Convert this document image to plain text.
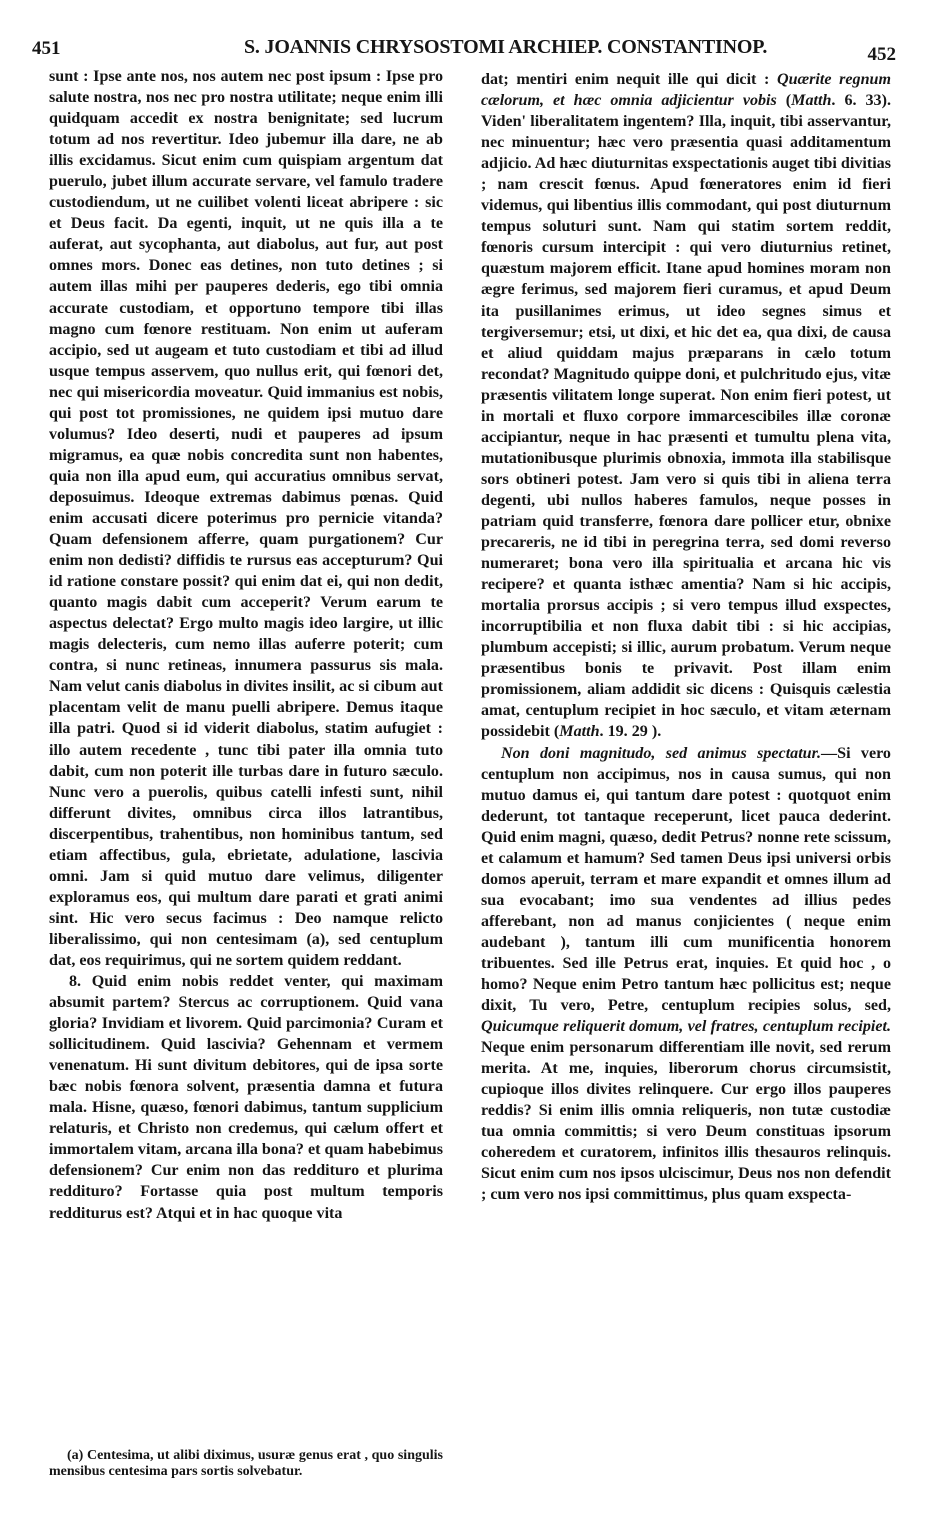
451	S. JOANNIS CHRYSOSTOMI ARCHIEP. CONSTANTINOP.	452

sunt : Ipse ante nos, nos autem nec post ipsum : Ipse pro salute nostra, nos nec pro nostra utilitate; neque enim illi quidquam accedit ex nostra benignitate; sed lucrum totum ad nos revertitur. Ideo jubemur illa dare, ne ab illis excidamus. Sicut enim cum quispiam argentum dat puerulo, jubet illum accurate servare, vel famulo tradere custodiendum, ut ne cuilibet volenti liceat abripere : sic et Deus facit. Da egenti, inquit, ut ne quis illa a te auferat, aut sycophanta, aut diabolus, aut fur, aut post omnes mors. Donec eas detines, non tuto detines ; si autem illas mihi per pauperes dederis, ego tibi omnia accurate custodiam, et opportuno tempore tibi illas magno cum fœnore restituam. Non enim ut auferam accipio, sed ut augeam et tuto custodiam et tibi ad illud usque tempus asservem, quo nullus erit, qui fœnori det, nec qui misericordia moveatur. Quid immanius est nobis, qui post tot promissiones, ne quidem ipsi mutuo dare volumus? Ideo deserti, nudi et pauperes ad ipsum migramus, ea quæ nobis concredita sunt non habentes, quia non illa apud eum, qui accuratius omnibus servat, deposuimus. Ideoque extremas dabimus pœnas. Quid enim accusati dicere poterimus pro pernicie vitanda? Quam defensionem afferre, quam purgationem? Cur enim non dedisti? diffidis te rursus eas accepturum? Qui id ratione constare possit? qui enim dat ei, qui non dedit, quanto magis dabit cum acceperit? Verum earum te aspectus delectat? Ergo multo magis ideo largire, ut illic magis delecteris, cum nemo illas auferre poterit; cum contra, si nunc retineas, innumera passurus sis mala. Nam velut canis diabolus in divites insilit, ac si cibum aut placentam velit de manu puelli abripere. Demus itaque illa patri. Quod si id viderit diabolus, statim aufugiet : illo autem recedente , tunc tibi pater illa omnia tuto dabit, cum non poterit ille turbas dare in futuro sæculo. Nunc vero a puerolis, quibus catelli infesti sunt, nihil differunt divites, omnibus circa illos latrantibus, discerpentibus, trahentibus, non hominibus tantum, sed etiam affectibus, gula, ebrietate, adulatione, lascivia omni. Jam si quid mutuo dare velimus, diligenter exploramus eos, qui multum dare parati et grati animi sint. Hic vero secus facimus : Deo namque relicto liberalissimo, qui non centesimam (a), sed centuplum dat, eos requirimus, qui ne sortem quidem reddant.

8. Quid enim nobis reddet venter, qui maximam absumit partem? Stercus ac corruptionem. Quid vana gloria? Invidiam et livorem. Quid parcimonia? Curam et sollicitudinem. Quid lascivia? Gehennam et vermem venenatum. Hi sunt divitum debitores, qui de ipsa sorte bæc nobis fœnora solvent, præsentia damna et futura mala. Hisne, quæso, fœnori dabimus, tantum supplicium relaturis, et Christo non credemus, qui cælum offert et immortalem vitam, arcana illa bona? et quam habebimus defensionem? Cur enim non das redditurо et plurima reddituro? Fortasse quia post multum temporis redditurus est? Atqui et in hac quoque vita

(a) Centesima, ut alibi diximus, usuræ genus erat , quo singulis mensibus centesima pars sortis solvebatur.

dat; mentiri enim nequit ille qui dicit : Quærite regnum cælorum, et hæc omnia adjicientur vobis (Matth. 6. 33). Viden' liberalitatem ingentem? Illa, inquit, tibi asservantur, nec minuentur; hæc vero præsentia quasi additamentum adjicio. Ad hæc diuturnitas exspectationis auget tibi divitias ; nam crescit fœnus. Apud fœneratores enim id fieri videmus, qui libentius illis commodant, qui post diuturnum tempus soluturi sunt. Nam qui statim sortem reddit, fœnoris cursum intercipit : qui vero diuturnius retinet, quæstum majorem efficit. Itane apud homines moram non ægre ferimus, sed majorem fieri curamus, et apud Deum ita pusillanimes erimus, ut ideo segnes simus et tergiversemur; etsi, ut dixi, et hic det ea, qua dixi, de causa et aliud quiddam majus præparans in cælo totum recondat? Magnitudo quippe doni, et pulchritudo ejus, vitæ præsentis vilitatem longe superat. Non enim fieri potest, ut in mortali et fluxo corpore immarcescibiles illæ coronæ accipiantur, neque in hac præsenti et tumultu plena vita, mutationibusque plurimis obnoxia, immota illa stabilisque sors obtineri potest. Jam vero si quis tibi in aliena terra degenti, ubi nullos haberes famulos, neque posses in patriam quid transferre, fœnora dare pollicer etur, obnixe precareris, ne id tibi in peregrina terra, sed domi reverso numeraret; bona vero illa spiritualia et arcana hic vis recipere? et quanta isthæc amentia? Nam si hic accipis, mortalia prorsus accipis ; si vero tempus illud exspectes, incorruptibilia et non fluxa dabit tibi : si hic accipias, plumbum accepisti; si illic, aurum probatum. Verum neque præsentibus bonis te privavit. Post illam enim promissionem, aliam addidit sic dicens : Quisquis cælestia amat, centuplum recipiet in hoc sæculo, et vitam æternam possidebit (Matth. 19. 29 ).

Non doni magnitudo, sed animus spectatur.—Si vero centuplum non accipimus, nos in causa sumus, qui non mutuo damus ei, qui tantum dare potest : quotquot enim dederunt, tot tantaque receperunt, licet pauca dederint. Quid enim magni, quæso, dedit Petrus? nonne rete scissum, et calamum et hamum? Sed tamen Deus ipsi universi orbis domos aperuit, terram et mare expandit et omnes illum ad sua evocabant; imo sua vendentes ad illius pedes afferebant, non ad manus conjicientes ( neque enim audebant ), tantum illi cum munificentia honorem tribuentes. Sed ille Petrus erat, inquies. Et quid hoc , o homo? Neque enim Petro tantum hæc pollicitus est; neque dixit, Tu vero, Petre, centuplum recipies solus, sed, Quicumque reliquerit domum, vel fratres, centuplum recipiet. Neque enim personarum differentiam ille novit, sed rerum merita. At me, inquies, liberorum chorus circumsistit, cupioque illos divites relinquere. Cur ergo illos pauperes reddis? Si enim illis omnia reliqueris, non tutæ custodiæ tua omnia committis; si vero Deum constituas ipsorum coheredem et curatorem, infinitos illis thesauros relinquis. Sicut enim cum nos ipsos ulciscimur, Deus nos non defendit ; cum vero nos ipsi committimus, plus quam exspecta-
